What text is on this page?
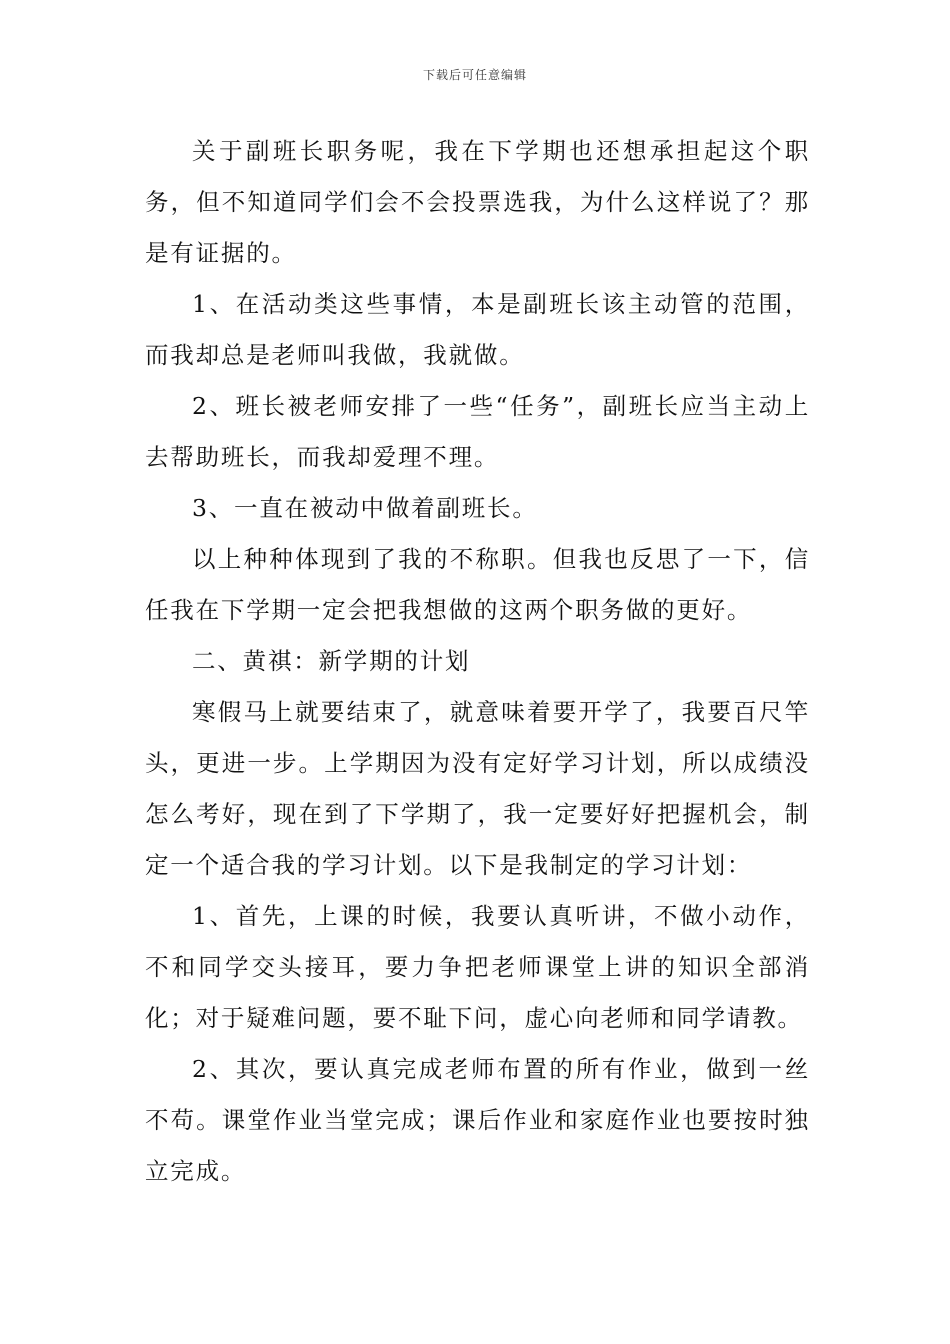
下载后可任意编辑

关于副班长职务呢，我在下学期也还想承担起这个职务，但不知道同学们会不会投票选我，为什么这样说了？那是有证据的。

1、在活动类这些事情，本是副班长该主动管的范围，而我却总是老师叫我做，我就做。

2、班长被老师安排了一些“任务”，副班长应当主动上去帮助班长，而我却爱理不理。

3、一直在被动中做着副班长。

以上种种体现到了我的不称职。但我也反思了一下，信任我在下学期一定会把我想做的这两个职务做的更好。

二、黄祺：新学期的计划

寒假马上就要结束了，就意味着要开学了，我要百尺竿头，更进一步。上学期因为没有定好学习计划，所以成绩没怎么考好，现在到了下学期了，我一定要好好把握机会，制定一个适合我的学习计划。以下是我制定的学习计划：

1、首先，上课的时候，我要认真听讲，不做小动作，不和同学交头接耳，要力争把老师课堂上讲的知识全部消化；对于疑难问题，要不耻下问，虚心向老师和同学请教。

2、其次，要认真完成老师布置的所有作业，做到一丝不苟。课堂作业当堂完成；课后作业和家庭作业也要按时独立完成。
